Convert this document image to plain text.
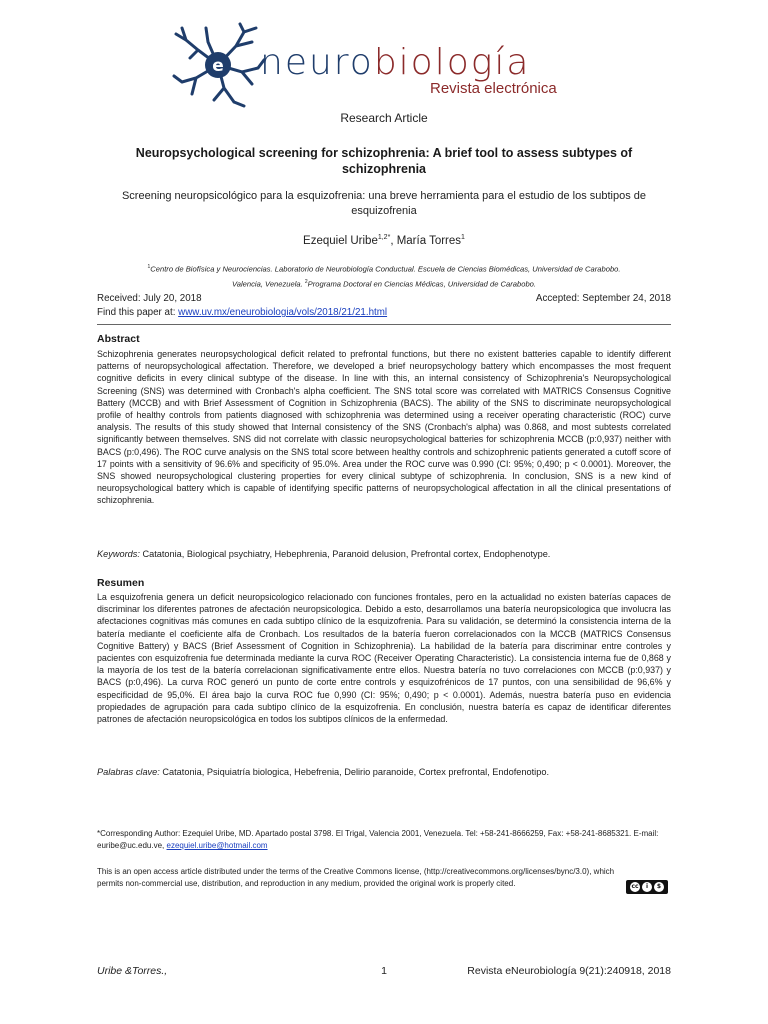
e neurobiología
Revista electrónica
Research Article
Neuropsychological screening for schizophrenia: A brief tool to assess subtypes of schizophrenia
Screening neuropsicológico para la esquizofrenia: una breve herramienta para el estudio de los subtipos de esquizofrenia
Ezequiel Uribe$^{1,2*}$, María Torres$^1$
$^1$Centro de Biofísica y Neurociencias. Laboratorio de Neurobiología Conductual. Escuela de Ciencias Biomédicas, Universidad de Carabobo.
Valencia, Venezuela. $^2$Programa Doctoral en Ciencias Médicas, Universidad de Carabobo.
Received: July 20, 2018	Accepted: September 24, 2018
Find this paper at: www.uv.mx/eneurobiologia/vols/2018/21/21.html
Abstract
Schizophrenia generates neuropsychological deficit related to prefrontal functions, but there no existent batteries capable to identify different patterns of neuropsychological affectation. Therefore, we developed a brief neuropsychology battery which encompasses the most frequent cognitive deficits in every clinical subtype of the disease. In line with this, an internal consistency of Schizophrenia's Neuropsychological Screening (SNS) was determined with Cronbach's alpha coefficient. The SNS total score was correlated with MATRICS Consensus Cognitive Battery (MCCB) and with Brief Assessment of Cognition in Schizophrenia (BACS). The ability of the SNS to discriminate neuropsychological profile of healthy controls from patients diagnosed with schizophrenia was determined using a receiver operating characteristic (ROC) curve analysis. The results of this study showed that Internal consistency of the SNS (Cronbach's alpha) was 0.868, and most subtests correlated significantly between themselves. SNS did not correlate with classic neuropsychological batteries for schizophrenia MCCB (p:0,937) neither with BACS (p:0,496). The ROC curve analysis on the SNS total score between healthy controls and schizophrenic patients generated a cutoff score of 17 points with a sensitivity of 96.6% and specificity of 95.0%. Area under the ROC curve was 0.990 (CI: 95%; 0,490; p < 0.0001). Moreover, the SNS showed neuropsychological clustering properties for every clinical subtype of schizophrenia. In conclusion, SNS is a new kind of neuropsychological battery which is capable of identifying specific patterns of neuropsychological affectation in all the clinical presentations of schizophrenia.
Keywords: Catatonia, Biological psychiatry, Hebephrenia, Paranoid delusion, Prefrontal cortex, Endophenotype.
Resumen
La esquizofrenia genera un deficit neuropsicologico relacionado con funciones frontales, pero en la actualidad no existen baterías capaces de discriminar los diferentes patrones de afectación neuropsicologica. Debido a esto, desarrollamos una batería neuropsicologica que involucra las afectaciones cognitivas más comunes en cada subtipo clínico de la esquizofrenia. Para su validación, se determinó la consistencia interna de la batería mediante el coeficiente alfa de Cronbach. Los resultados de la batería fueron correlacionados con la MCCB (MATRICS Consensus Cognitive Battery) y BACS (Brief Assessment of Cognition in Schizophrenia). La habilidad de la batería para discriminar entre controles y pacientes con esquizofrenia fue determinada mediante la curva ROC (Receiver Operating Characteristic). La consistencia interna fue de 0,868 y la mayoría de los test de la batería correlacionan significativamente entre ellos. Nuestra batería no tuvo correlaciones con MCCB (p:0,937) y BACS (p:0,496). La curva ROC generó un punto de corte entre controls y esquizofrénicos de 17 puntos, con una sensibilidad de 96,6% y especificidad de 95,0%. El área bajo la curva ROC fue 0,990 (CI: 95%; 0,490; p < 0.0001). Además, nuestra batería puso en evidencia propiedades de agrupación para cada subtipo clínico de la esquizofrenia. En conclusión, nuestra batería es capaz de identificar diferentes patrones de afectación neuropsicológica en todos los subtipos clínicos de la enfermedad.
Palabras clave: Catatonia, Psiquiatría biologica, Hebefrenia, Delirio paranoide, Cortex prefrontal, Endofenotipo.
*Corresponding Author: Ezequiel Uribe, MD. Apartado postal 3798. El Trigal, Valencia 2001, Venezuela. Tel: +58-241-8666259, Fax: +58-241-8685321. E-mail: euribe@uc.edu.ve, ezequiel.uribe@hotmail.com
This is an open access article distributed under the terms of the Creative Commons license, (http://creativecommons.org/licenses/bync/3.0), which permits non-commercial use, distribution, and reproduction in any medium, provided the original work is properly cited.	cc	i	$
Uribe &Torres.,	1	Revista eNeurobiología 9(21):240918, 2018
